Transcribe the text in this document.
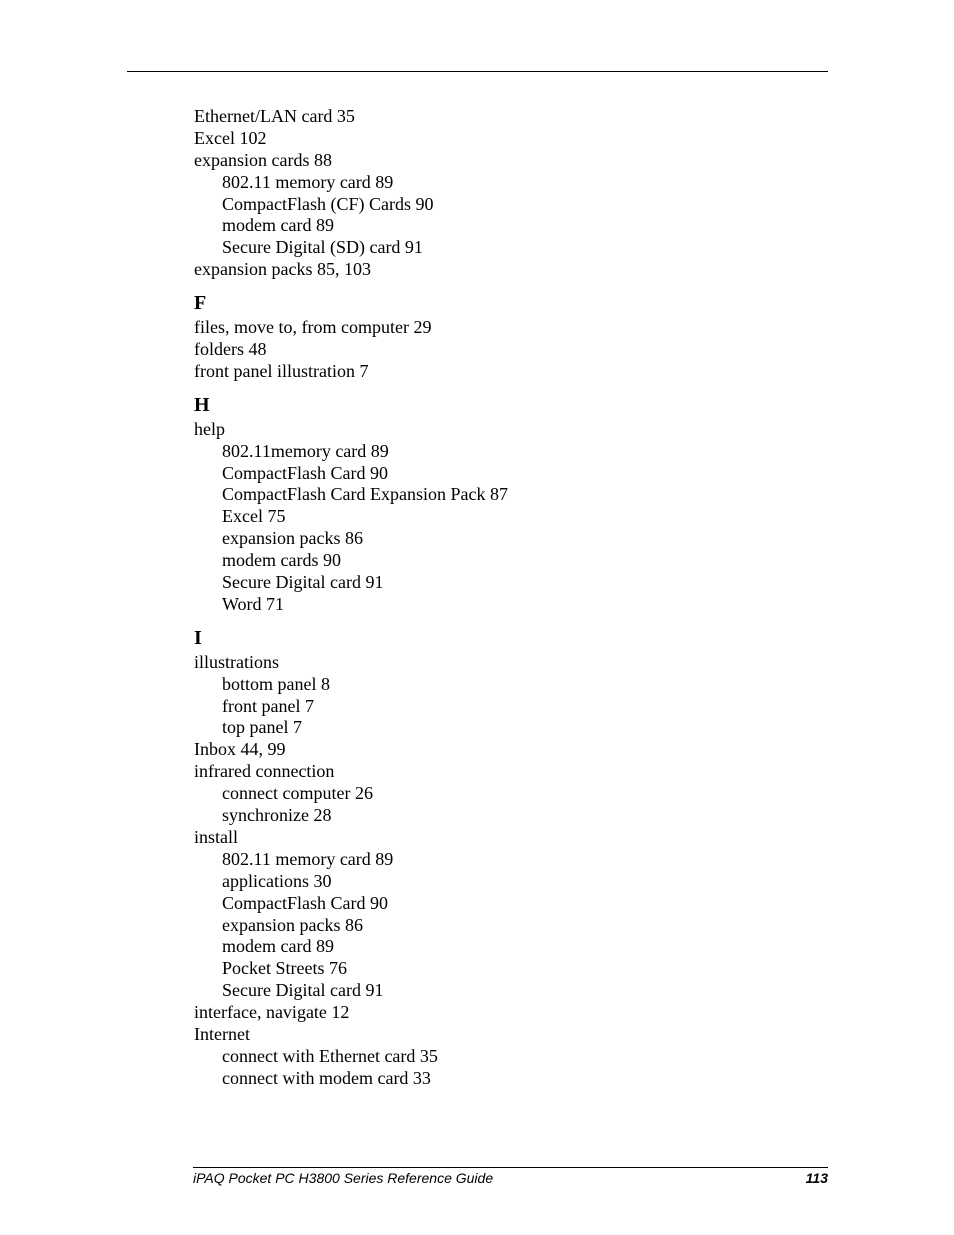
Ethernet/LAN card 35
Excel 102
expansion cards 88
802.11 memory card 89
CompactFlash (CF) Cards 90
modem card 89
Secure Digital (SD) card 91
expansion packs 85, 103
F
files, move to, from computer 29
folders 48
front panel illustration 7
H
help
802.11memory card 89
CompactFlash Card 90
CompactFlash Card Expansion Pack 87
Excel 75
expansion packs 86
modem cards 90
Secure Digital card 91
Word 71
I
illustrations
bottom panel 8
front panel 7
top panel 7
Inbox 44, 99
infrared connection
connect computer 26
synchronize 28
install
802.11 memory card 89
applications 30
CompactFlash Card 90
expansion packs 86
modem card 89
Pocket Streets 76
Secure Digital card 91
interface, navigate 12
Internet
connect with Ethernet card 35
connect with modem card 33
iPAQ Pocket PC H3800 Series Reference Guide	113
